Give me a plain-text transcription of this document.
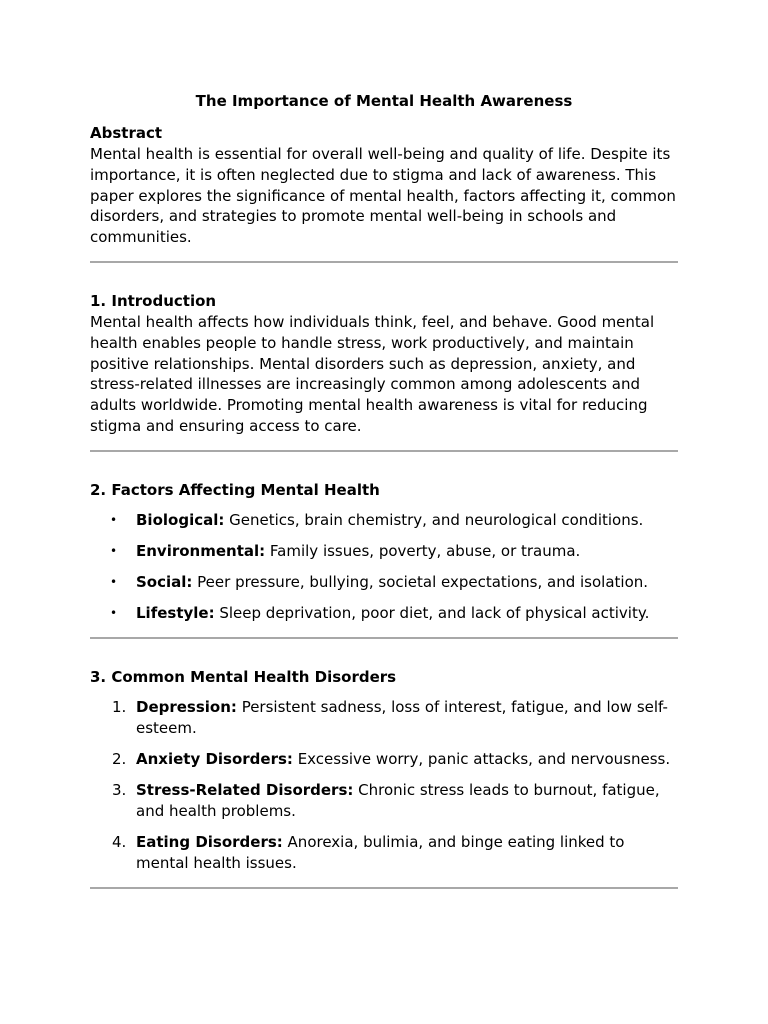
The Importance of Mental Health Awareness
Abstract

Mental health is essential for overall well-being and quality of life. Despite its importance, it is often neglected due to stigma and lack of awareness. This paper explores the significance of mental health, factors affecting it, common disorders, and strategies to promote mental well-being in schools and communities.

1. Introduction

Mental health affects how individuals think, feel, and behave. Good mental health enables people to handle stress, work productively, and maintain positive relationships. Mental disorders such as depression, anxiety, and stress-related illnesses are increasingly common among adolescents and adults worldwide. Promoting mental health awareness is vital for reducing stigma and ensuring access to care.

2. Factors Affecting Mental Health
• Biological: Genetics, brain chemistry, and neurological conditions.
• Environmental: Family issues, poverty, abuse, or trauma.
• Social: Peer pressure, bullying, societal expectations, and isolation.
• Lifestyle: Sleep deprivation, poor diet, and lack of physical activity.
3. Common Mental Health Disorders
1. Depression: Persistent sadness, loss of interest, fatigue, and low self-esteem.
2. Anxiety Disorders: Excessive worry, panic attacks, and nervousness.
3. Stress-Related Disorders: Chronic stress leads to burnout, fatigue, and health problems.
4. Eating Disorders: Anorexia, bulimia, and binge eating linked to mental health issues.
